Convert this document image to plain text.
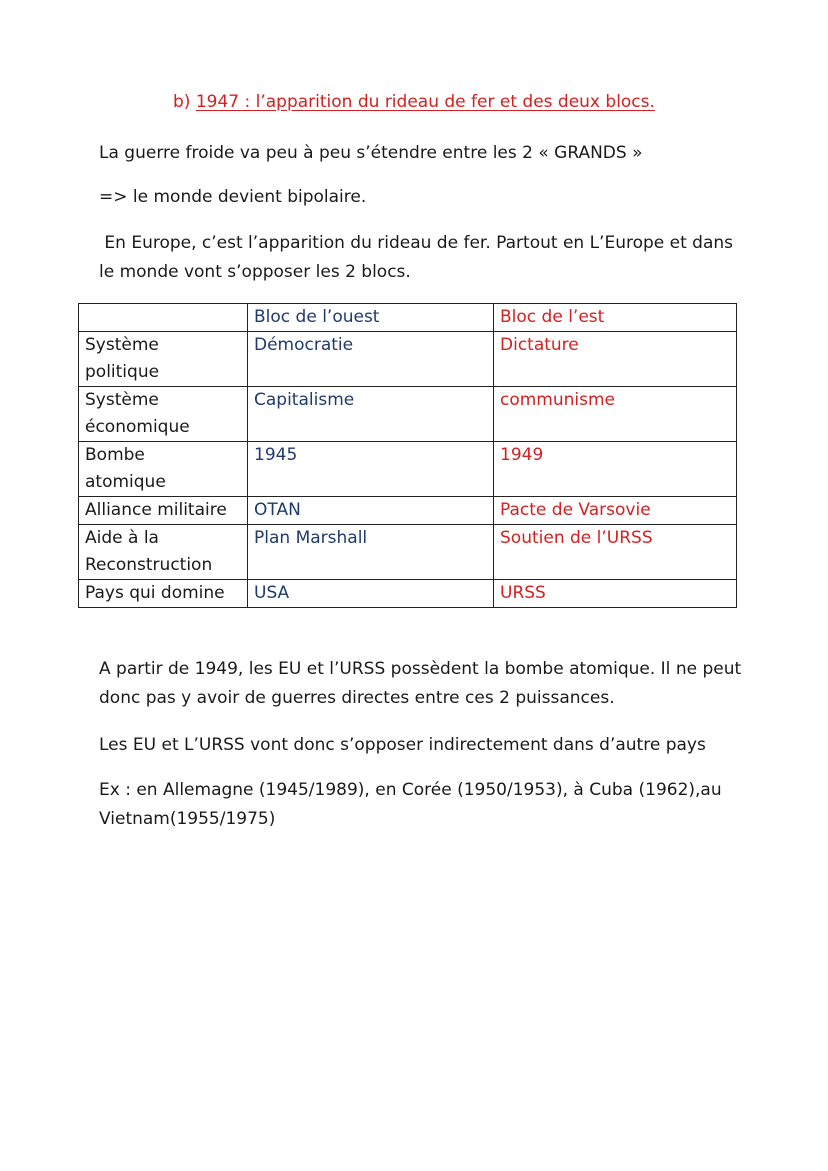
b) 1947 : l’apparition du rideau de fer et des deux blocs.
La guerre froide va peu à peu s’étendre entre les 2 « GRANDS »
=> le monde devient bipolaire.
En Europe, c’est l’apparition du rideau de fer. Partout en L’Europe et dans
le monde vont s’opposer les 2 blocs.
	Bloc de l’ouest	Bloc de l’est

Système
politique	Démocratie	Dictature

Système
économique	Capitalisme	communisme

Bombe
atomique	1945	1949
Alliance militaire	OTAN	Pacte de Varsovie

Aide à la
Reconstruction	Plan Marshall	Soutien de l’URSS
Pays qui domine	USA	URSS
A partir de 1949, les EU et l’URSS possèdent la bombe atomique. Il ne peut
donc pas y avoir de guerres directes entre ces 2 puissances.
Les EU et L’URSS vont donc s’opposer indirectement dans d’autre pays
Ex : en Allemagne (1945/1989), en Corée (1950/1953), à Cuba (1962),au
Vietnam(1955/1975)
